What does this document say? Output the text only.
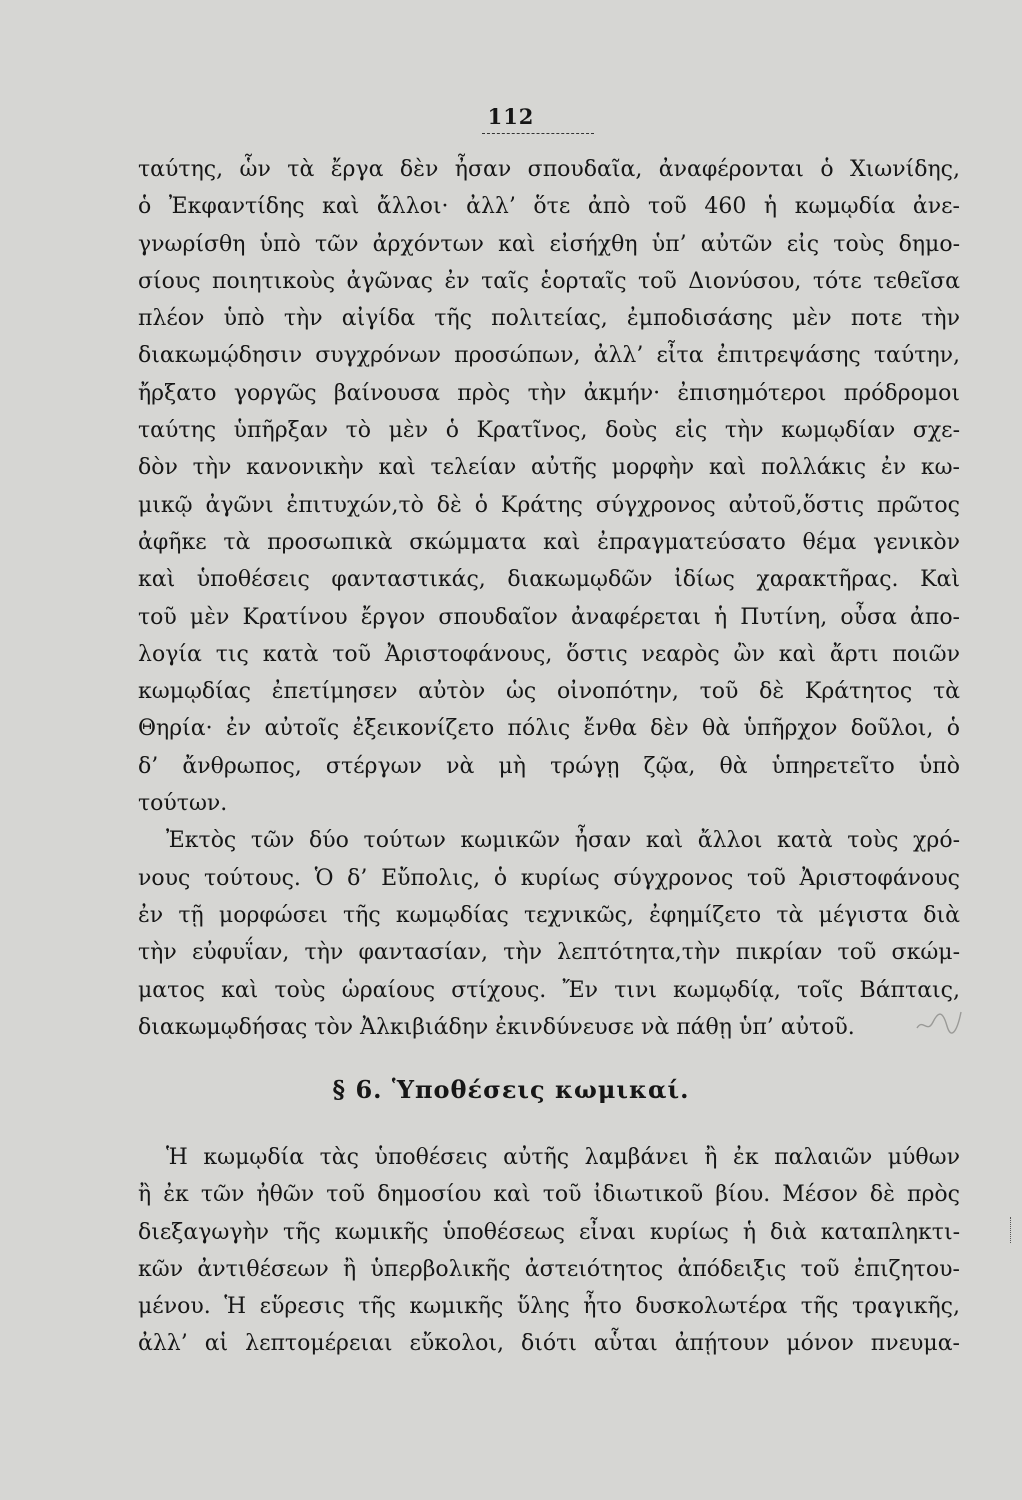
112
ταύτης, ὧν τὰ ἔργα δὲν ἦσαν σπουδαῖα, ἀναφέρονται ὁ Χιωνίδης,
ὁ Ἐκφαντίδης καὶ ἄλλοι· ἀλλ’ ὅτε ἀπὸ τοῦ 460 ἡ κωμῳδία ἀνε-
γνωρίσθη ὑπὸ τῶν ἀρχόντων καὶ εἰσήχθη ὑπ’ αὐτῶν εἰς τοὺς δημο-
σίους ποιητικοὺς ἀγῶνας ἐν ταῖς ἑορταῖς τοῦ Διονύσου, τότε τεθεῖσα
πλέον ὑπὸ τὴν αἰγίδα τῆς πολιτείας, ἐμποδισάσης μὲν ποτε τὴν
διακωμῴδησιν συγχρόνων προσώπων, ἀλλ’ εἶτα ἐπιτρεψάσης ταύτην,
ἤρξατο γοργῶς βαίνουσα πρὸς τὴν ἀκμήν· ἐπισημότεροι πρόδρομοι
ταύτης ὑπῆρξαν τὸ μὲν ὁ Κρατῖνος, δοὺς εἰς τὴν κωμῳδίαν σχε-
δὸν τὴν κανονικὴν καὶ τελείαν αὐτῆς μορφὴν καὶ πολλάκις ἐν κω-
μικῷ ἀγῶνι ἐπιτυχών,τὸ δὲ ὁ Κράτης σύγχρονος αὐτοῦ,ὅστις πρῶτος
ἀφῆκε τὰ προσωπικὰ σκώμματα καὶ ἐπραγματεύσατο θέμα γενικὸν
καὶ ὑποθέσεις φανταστικάς, διακωμῳδῶν ἰδίως χαρακτῆρας. Καὶ
τοῦ μὲν Κρατίνου ἔργον σπουδαῖον ἀναφέρεται ἡ Πυτίνη, οὖσα ἀπο-
λογία τις κατὰ τοῦ Ἀριστοφάνους, ὅστις νεαρὸς ὢν καὶ ἄρτι ποιῶν
κωμῳδίας ἐπετίμησεν αὐτὸν ὡς οἰνοπότην, τοῦ δὲ Κράτητος τὰ
Θηρία· ἐν αὐτοῖς ἐξεικονίζετο πόλις ἔνθα δὲν θὰ ὑπῆρχον δοῦλοι, ὁ
δ’ ἄνθρωπος, στέργων νὰ μὴ τρώγῃ ζῷα, θὰ ὑπηρετεῖτο ὑπὸ
τούτων.
Ἐκτὸς τῶν δύο τούτων κωμικῶν ἦσαν καὶ ἄλλοι κατὰ τοὺς χρό-
νους τούτους. Ὁ δ’ Εὔπολις, ὁ κυρίως σύγχρονος τοῦ Ἀριστοφάνους
ἐν τῇ μορφώσει τῆς κωμῳδίας τεχνικῶς, ἐφημίζετο τὰ μέγιστα διὰ
τὴν εὐφυΐαν, τὴν φαντασίαν, τὴν λεπτότητα,τὴν πικρίαν τοῦ σκώμ-
ματος καὶ τοὺς ὡραίους στίχους. Ἔν τινι κωμῳδίᾳ, τοῖς Βάπταις,
διακωμῳδήσας τὸν Ἀλκιβιάδην ἐκινδύνευσε νὰ πάθῃ ὑπ’ αὐτοῦ.
§ 6. Ὑποθέσεις κωμικαί.
Ἡ κωμῳδία τὰς ὑποθέσεις αὐτῆς λαμβάνει ἢ ἐκ παλαιῶν μύθων
ἢ ἐκ τῶν ἠθῶν τοῦ δημοσίου καὶ τοῦ ἰδιωτικοῦ βίου. Μέσον δὲ πρὸς
διεξαγωγὴν τῆς κωμικῆς ὑποθέσεως εἶναι κυρίως ἡ διὰ καταπληκτι-
κῶν ἀντιθέσεων ἢ ὑπερβολικῆς ἀστειότητος ἀπόδειξις τοῦ ἐπιζητου-
μένου. Ἡ εὕρεσις τῆς κωμικῆς ὕλης ἦτο δυσκολωτέρα τῆς τραγικῆς,
ἀλλ’ αἱ λεπτομέρειαι εὔκολοι, διότι αὗται ἀπῄτουν μόνον πνευμα-
